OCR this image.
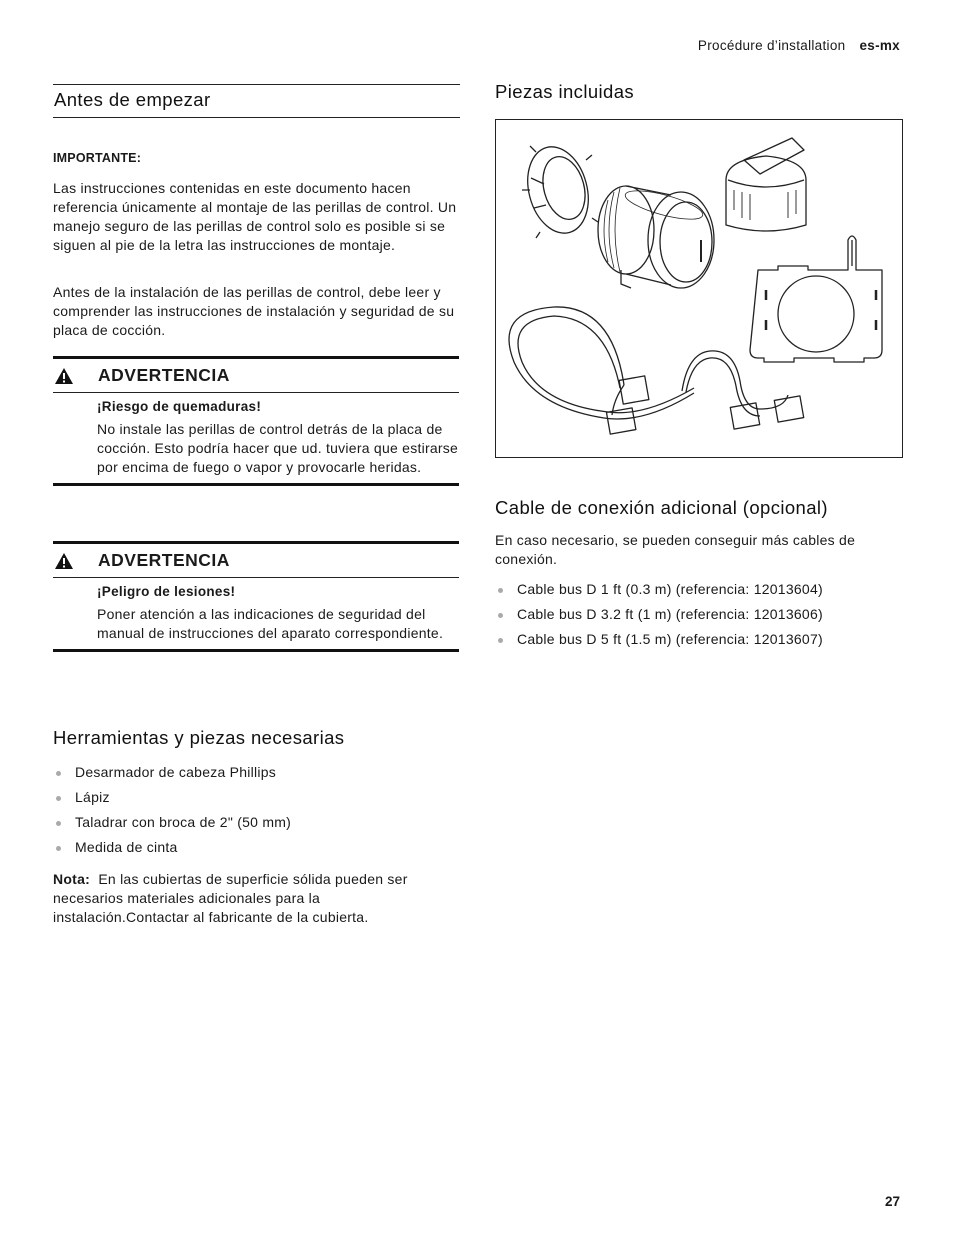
Procédure d’installation es-mx
Antes de empezar
IMPORTANTE:

Las instrucciones contenidas en este documento hacen referencia únicamente al montaje de las perillas de control. Un manejo seguro de las perillas de control solo es posible si se siguen al pie de la letra las instrucciones de montaje.

Antes de la instalación de las perillas de control, debe leer y comprender las instrucciones de instalación y seguridad de su placa de cocción.

ADVERTENCIA
¡Riesgo de quemaduras!

No instale las perillas de control detrás de la placa de cocción. Esto podría hacer que ud. tuviera que estirarse por encima de fuego o vapor y provocarle heridas.

ADVERTENCIA
¡Peligro de lesiones!

Poner atención a las indicaciones de seguridad del manual de instrucciones del aparato correspondiente.

Herramientas y piezas necesarias
Desarmador de cabeza Phillips
Lápiz
Taladrar con broca de 2" (50 mm)
Medida de cinta

Nota: En las cubiertas de superficie sólida pueden ser necesarios materiales adicionales para la instalación.Contactar al fabricante de la cubierta.

Piezas incluidas
Cable de conexión adicional (opcional)

En caso necesario, se pueden conseguir más cables de conexión.

Cable bus D 1 ft (0.3 m) (referencia: 12013604)
Cable bus D 3.2 ft (1 m) (referencia: 12013606)
Cable bus D 5 ft (1.5 m) (referencia: 12013607)
27
